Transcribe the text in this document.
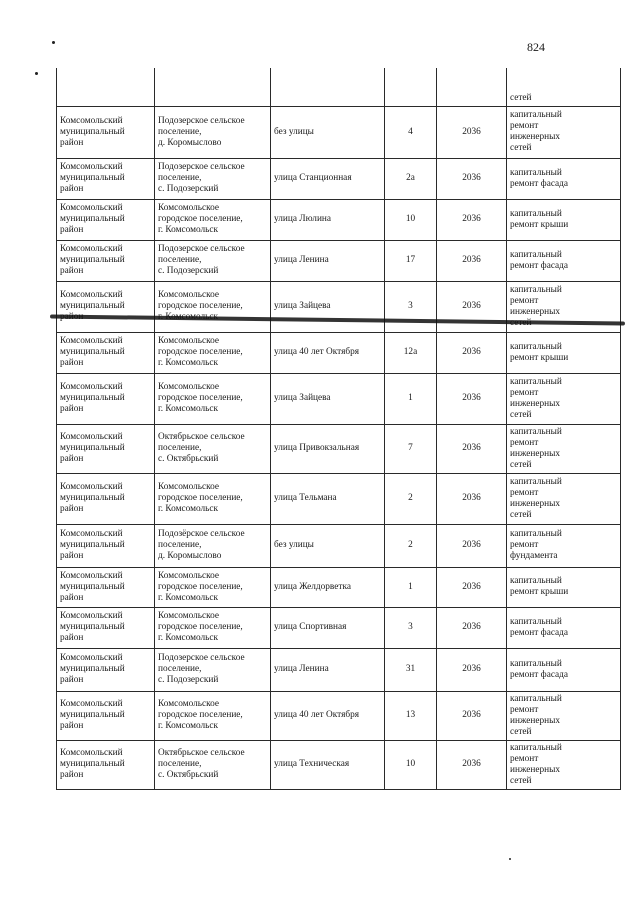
824

					сетей

Комсомольский
муниципальный
район	Подозерское сельское
поселение,
д. Коромыслово	без улицы	4	2036	капитальный
ремонт
инженерных
сетей

Комсомольский
муниципальный
район	Подозерское сельское
поселение,
с. Подозерский	улица Станционная	2а	2036	капитальный
ремонт фасада

Комсомольский
муниципальный
район	Комсомольское
городское поселение,
г. Комсомольск	улица Люлина	10	2036	капитальный
ремонт крыши

Комсомольский
муниципальный
район	Подозерское сельское
поселение,
с. Подозерский	улица Ленина	17	2036	капитальный
ремонт фасада

Комсомольский
муниципальный	Комсомольское
городское поселение,	улица Зайцева	3	2036	капитальный
ремонт
инженерных

Комсомольский
муниципальный
район	Комсомольское
городское поселение,
г. Комсомольск	улица 40 лет Октября	12а	2036	капитальный
ремонт крыши

Комсомольский
муниципальный
район	Комсомольское
городское поселение,
г. Комсомольск	улица Зайцева	1	2036	капитальный
ремонт
инженерных
сетей

Комсомольский
муниципальный
район	Октябрьское сельское
поселение,
с. Октябрьский	улица Привокзальная	7	2036	капитальный
ремонт
инженерных
сетей

Комсомольский
муниципальный
район	Комсомольское
городское поселение,
г. Комсомольск	улица Тельмана	2	2036	капитальный
ремонт
инженерных
сетей

Комсомольский
муниципальный
район	Подозёрское сельское
поселение,
д. Коромыслово	без улицы	2	2036	капитальный
ремонт
фундамента

Комсомольский
муниципальный
район	Комсомольское
городское поселение,
г. Комсомольск	улица Желдорветка	1	2036	капитальный
ремонт крыши

Комсомольский
муниципальный
район	Комсомольское
городское поселение,
г. Комсомольск	улица Спортивная	3	2036	капитальный
ремонт фасада

Комсомольский
муниципальный
район	Подозерское сельское
поселение,
с. Подозерский	улица Ленина	31	2036	капитальный
ремонт фасада

Комсомольский
муниципальный
район	Комсомольское
городское поселение,
г. Комсомольск	улица 40 лет Октября	13	2036	капитальный
ремонт
инженерных
сетей

Комсомольский
муниципальный
район	Октябрьское сельское
поселение,
с. Октябрьский	улица Техническая	10	2036	капитальный
ремонт
инженерных
сетей
